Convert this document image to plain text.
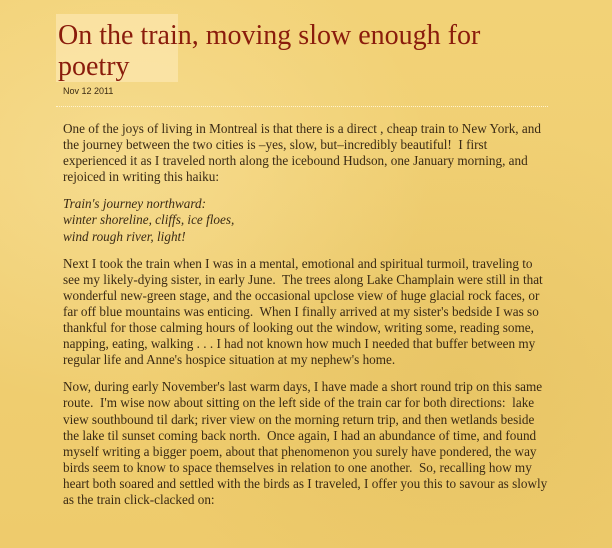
On the train, moving slow enough for poetry
Nov 12 2011

One of the joys of living in Montreal is that there is a direct , cheap train to New York, and the journey between the two cities is –yes, slow, but–incredibly beautiful!  I first experienced it as I traveled north along the icebound Hudson, one January morning, and rejoiced in writing this haiku:

Train's journey northward:
winter shoreline, cliffs, ice floes,
wind rough river, light!

Next I took the train when I was in a mental, emotional and spiritual turmoil, traveling to see my likely-dying sister, in early June.  The trees along Lake Champlain were still in that wonderful new-green stage, and the occasional upclose view of huge glacial rock faces, or far off blue mountains was enticing.  When I finally arrived at my sister's bedside I was so thankful for those calming hours of looking out the window, writing some, reading some, napping, eating, walking . . . I had not known how much I needed that buffer between my regular life and Anne's hospice situation at my nephew's home.

Now, during early November's last warm days, I have made a short round trip on this same route.  I'm wise now about sitting on the left side of the train car for both directions:  lake view southbound til dark; river view on the morning return trip, and then wetlands beside the lake til sunset coming back north.  Once again, I had an abundance of time, and found myself writing a bigger poem, about that phenomenon you surely have pondered, the way birds seem to know to space themselves in relation to one another.  So, recalling how my heart both soared and settled with the birds as I traveled, I offer you this to savour as slowly as the train click-clacked on:
